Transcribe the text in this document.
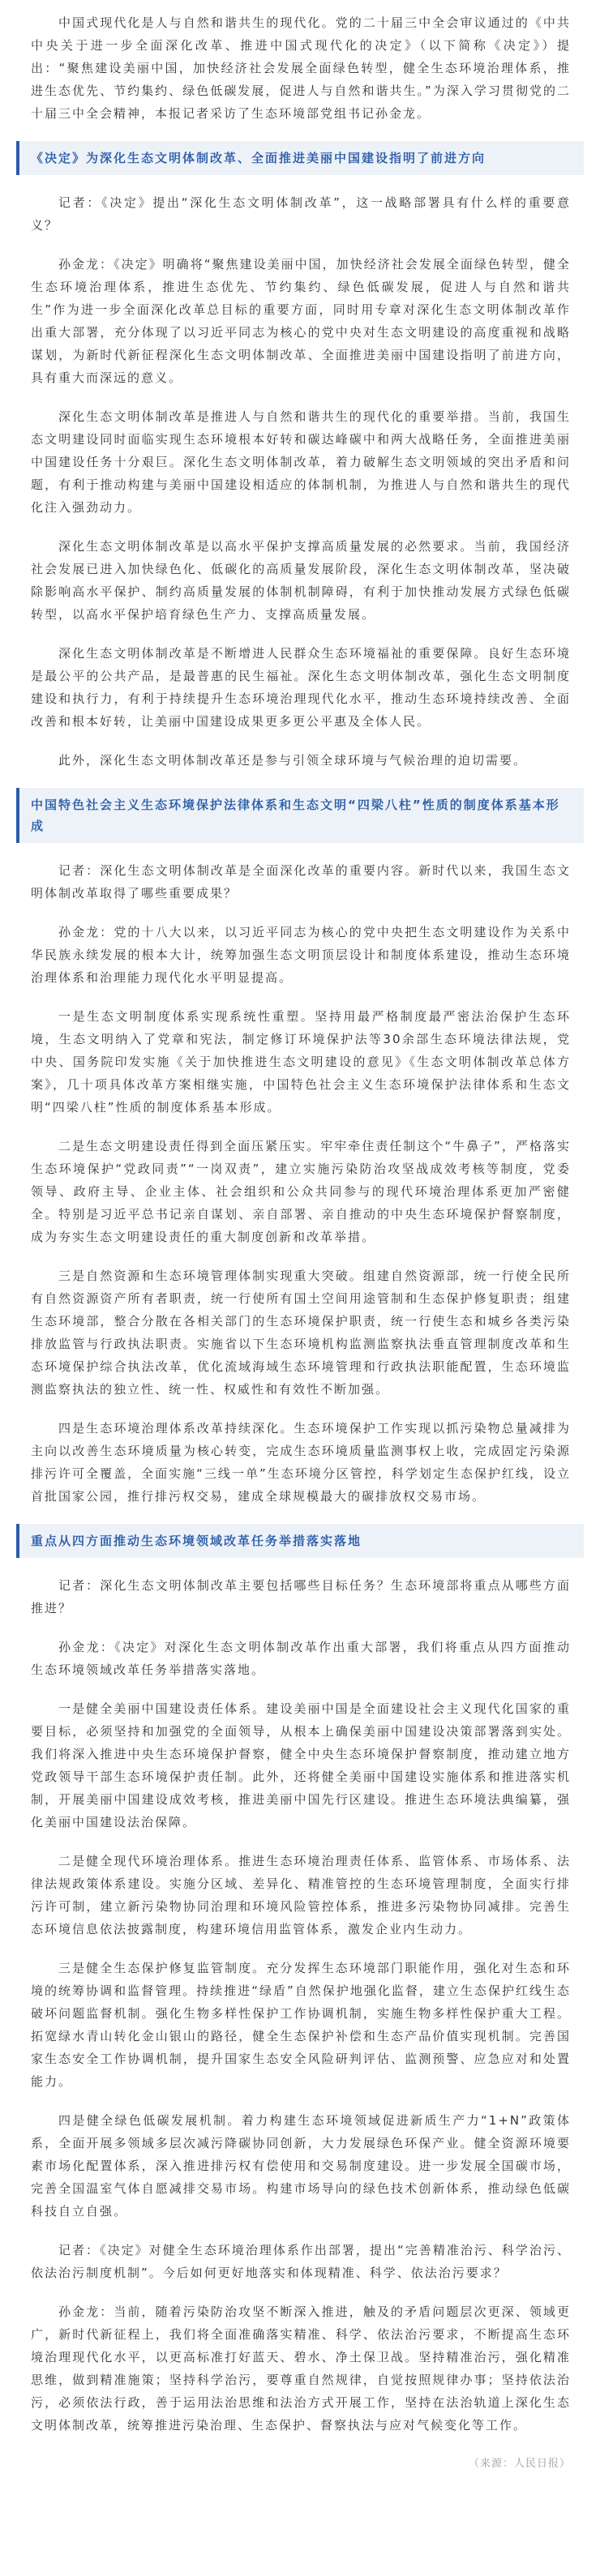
中国式现代化是人与自然和谐共生的现代化。党的二十届三中全会审议通过的《中共中央关于进一步全面深化改革、推进中国式现代化的决定》（以下简称《决定》）提出：“聚焦建设美丽中国，加快经济社会发展全面绿色转型，健全生态环境治理体系，推进生态优先、节约集约、绿色低碳发展，促进人与自然和谐共生。”为深入学习贯彻党的二十届三中全会精神，本报记者采访了生态环境部党组书记孙金龙。

《决定》为深化生态文明体制改革、全面推进美丽中国建设指明了前进方向

记者：《决定》提出“深化生态文明体制改革”，这一战略部署具有什么样的重要意义？

孙金龙：《决定》明确将“聚焦建设美丽中国，加快经济社会发展全面绿色转型，健全生态环境治理体系，推进生态优先、节约集约、绿色低碳发展，促进人与自然和谐共生”作为进一步全面深化改革总目标的重要方面，同时用专章对深化生态文明体制改革作出重大部署，充分体现了以习近平同志为核心的党中央对生态文明建设的高度重视和战略谋划，为新时代新征程深化生态文明体制改革、全面推进美丽中国建设指明了前进方向，具有重大而深远的意义。

深化生态文明体制改革是推进人与自然和谐共生的现代化的重要举措。当前，我国生态文明建设同时面临实现生态环境根本好转和碳达峰碳中和两大战略任务，全面推进美丽中国建设任务十分艰巨。深化生态文明体制改革，着力破解生态文明领域的突出矛盾和问题，有利于推动构建与美丽中国建设相适应的体制机制，为推进人与自然和谐共生的现代化注入强劲动力。

深化生态文明体制改革是以高水平保护支撑高质量发展的必然要求。当前，我国经济社会发展已进入加快绿色化、低碳化的高质量发展阶段，深化生态文明体制改革，坚决破除影响高水平保护、制约高质量发展的体制机制障碍，有利于加快推动发展方式绿色低碳转型，以高水平保护培育绿色生产力、支撑高质量发展。

深化生态文明体制改革是不断增进人民群众生态环境福祉的重要保障。良好生态环境是最公平的公共产品，是最普惠的民生福祉。深化生态文明体制改革，强化生态文明制度建设和执行力，有利于持续提升生态环境治理现代化水平，推动生态环境持续改善、全面改善和根本好转，让美丽中国建设成果更多更公平惠及全体人民。

此外，深化生态文明体制改革还是参与引领全球环境与气候治理的迫切需要。

中国特色社会主义生态环境保护法律体系和生态文明“四梁八柱”性质的制度体系基本形成

记者：深化生态文明体制改革是全面深化改革的重要内容。新时代以来，我国生态文明体制改革取得了哪些重要成果？

孙金龙：党的十八大以来，以习近平同志为核心的党中央把生态文明建设作为关系中华民族永续发展的根本大计，统筹加强生态文明顶层设计和制度体系建设，推动生态环境治理体系和治理能力现代化水平明显提高。

一是生态文明制度体系实现系统性重塑。坚持用最严格制度最严密法治保护生态环境，生态文明纳入了党章和宪法，制定修订环境保护法等30余部生态环境法律法规，党中央、国务院印发实施《关于加快推进生态文明建设的意见》《生态文明体制改革总体方案》，几十项具体改革方案相继实施，中国特色社会主义生态环境保护法律体系和生态文明“四梁八柱”性质的制度体系基本形成。

二是生态文明建设责任得到全面压紧压实。牢牢牵住责任制这个“牛鼻子”，严格落实生态环境保护“党政同责”“一岗双责”，建立实施污染防治攻坚战成效考核等制度，党委领导、政府主导、企业主体、社会组织和公众共同参与的现代环境治理体系更加严密健全。特别是习近平总书记亲自谋划、亲自部署、亲自推动的中央生态环境保护督察制度，成为夯实生态文明建设责任的重大制度创新和改革举措。

三是自然资源和生态环境管理体制实现重大突破。组建自然资源部，统一行使全民所有自然资源资产所有者职责，统一行使所有国土空间用途管制和生态保护修复职责；组建生态环境部，整合分散在各相关部门的生态环境保护职责，统一行使生态和城乡各类污染排放监管与行政执法职责。实施省以下生态环境机构监测监察执法垂直管理制度改革和生态环境保护综合执法改革，优化流域海域生态环境管理和行政执法职能配置，生态环境监测监察执法的独立性、统一性、权威性和有效性不断加强。

四是生态环境治理体系改革持续深化。生态环境保护工作实现以抓污染物总量减排为主向以改善生态环境质量为核心转变，完成生态环境质量监测事权上收，完成固定污染源排污许可全覆盖，全面实施“三线一单”生态环境分区管控，科学划定生态保护红线，设立首批国家公园，推行排污权交易，建成全球规模最大的碳排放权交易市场。

重点从四方面推动生态环境领域改革任务举措落实落地

记者：深化生态文明体制改革主要包括哪些目标任务？生态环境部将重点从哪些方面推进？

孙金龙：《决定》对深化生态文明体制改革作出重大部署，我们将重点从四方面推动生态环境领域改革任务举措落实落地。

一是健全美丽中国建设责任体系。建设美丽中国是全面建设社会主义现代化国家的重要目标，必须坚持和加强党的全面领导，从根本上确保美丽中国建设决策部署落到实处。我们将深入推进中央生态环境保护督察，健全中央生态环境保护督察制度，推动建立地方党政领导干部生态环境保护责任制。此外，还将健全美丽中国建设实施体系和推进落实机制，开展美丽中国建设成效考核，推进美丽中国先行区建设。推进生态环境法典编纂，强化美丽中国建设法治保障。

二是健全现代环境治理体系。推进生态环境治理责任体系、监管体系、市场体系、法律法规政策体系建设。实施分区域、差异化、精准管控的生态环境管理制度，全面实行排污许可制，建立新污染物协同治理和环境风险管控体系，推进多污染物协同减排。完善生态环境信息依法披露制度，构建环境信用监管体系，激发企业内生动力。

三是健全生态保护修复监管制度。充分发挥生态环境部门职能作用，强化对生态和环境的统筹协调和监督管理。持续推进“绿盾”自然保护地强化监督，建立生态保护红线生态破坏问题监督机制。强化生物多样性保护工作协调机制，实施生物多样性保护重大工程。拓宽绿水青山转化金山银山的路径，健全生态保护补偿和生态产品价值实现机制。完善国家生态安全工作协调机制，提升国家生态安全风险研判评估、监测预警、应急应对和处置能力。

四是健全绿色低碳发展机制。着力构建生态环境领域促进新质生产力“1+N”政策体系，全面开展多领域多层次减污降碳协同创新，大力发展绿色环保产业。健全资源环境要素市场化配置体系，深入推进排污权有偿使用和交易制度建设。进一步发展全国碳市场，完善全国温室气体自愿减排交易市场。构建市场导向的绿色技术创新体系，推动绿色低碳科技自立自强。

记者：《决定》对健全生态环境治理体系作出部署，提出“完善精准治污、科学治污、依法治污制度机制”。今后如何更好地落实和体现精准、科学、依法治污要求？

孙金龙：当前，随着污染防治攻坚不断深入推进，触及的矛盾问题层次更深、领域更广，新时代新征程上，我们将全面准确落实精准、科学、依法治污要求，不断提高生态环境治理现代化水平，以更高标准打好蓝天、碧水、净土保卫战。坚持精准治污，强化精准思维，做到精准施策；坚持科学治污，要尊重自然规律，自觉按照规律办事；坚持依法治污，必须依法行政，善于运用法治思维和法治方式开展工作，坚持在法治轨道上深化生态文明体制改革，统筹推进污染治理、生态保护、督察执法与应对气候变化等工作。

（来源：人民日报）
